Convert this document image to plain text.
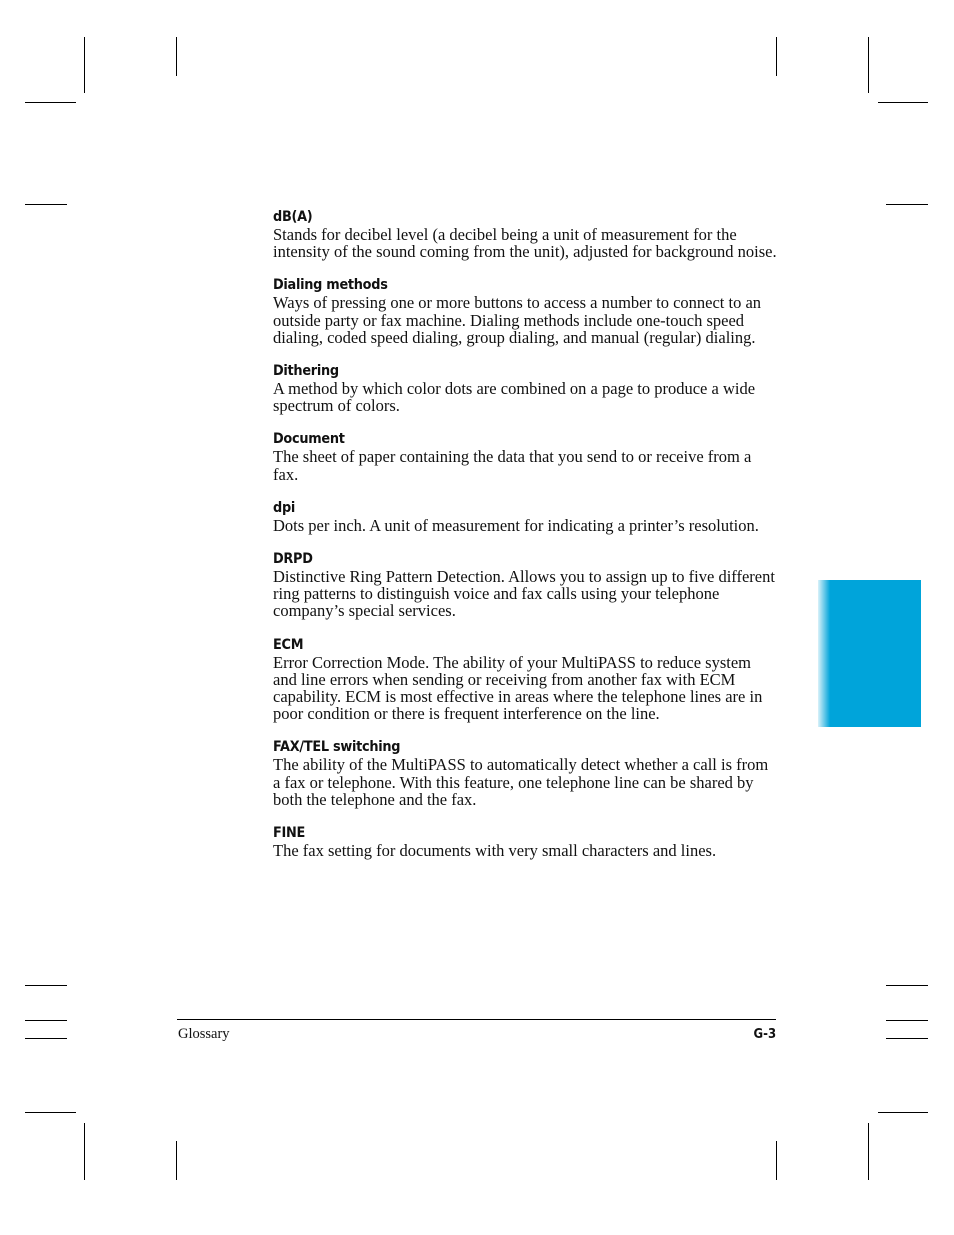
dB(A)
Stands for decibel level (a decibel being a unit of measurement for the intensity of the sound coming from the unit), adjusted for background noise.
Dialing methods
Ways of pressing one or more buttons to access a number to connect to an outside party or fax machine. Dialing methods include one-touch speed dialing, coded speed dialing, group dialing, and manual (regular) dialing.
Dithering
A method by which color dots are combined on a page to produce a wide spectrum of colors.
Document
The sheet of paper containing the data that you send to or receive from a fax.
dpi
Dots per inch. A unit of measurement for indicating a printer’s resolution.
DRPD
Distinctive Ring Pattern Detection. Allows you to assign up to five different ring patterns to distinguish voice and fax calls using your telephone company’s special services.
ECM
Error Correction Mode. The ability of your MultiPASS to reduce system and line errors when sending or receiving from another fax with ECM capability. ECM is most effective in areas where the telephone lines are in poor condition or there is frequent interference on the line.
FAX/TEL switching
The ability of the MultiPASS to automatically detect whether a call is from a fax or telephone. With this feature, one telephone line can be shared by both the telephone and the fax.
FINE
The fax setting for documents with very small characters and lines.
Glossary	G-3
